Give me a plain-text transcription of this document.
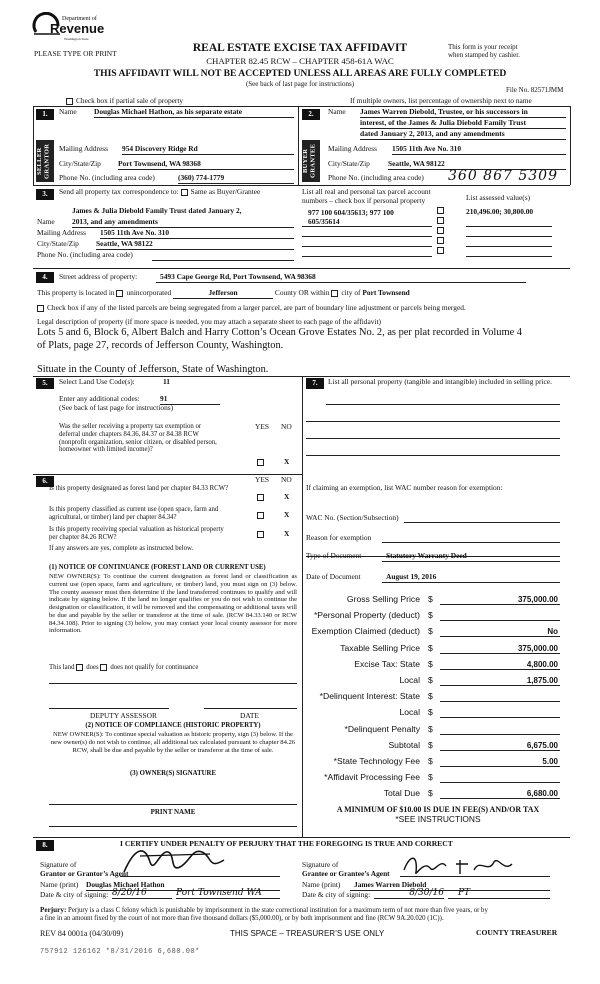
Department of
Revenue
Washington State
PLEASE TYPE OR PRINT	REAL ESTATE EXCISE TAX AFFIDAVIT
CHAPTER 82.45 RCW – CHAPTER 458-61A WAC
This form is your receipt
when stamped by cashier.
THIS AFFIDAVIT WILL NOT BE ACCEPTED UNLESS ALL AREAS ARE FULLY COMPLETED
(See back of last page for instructions)
File No. 82571JMM
Check box if partial sale of property	If multiple owners, list percentage of ownership next to name
1.
SELLER GRANTOR
Name Douglas Michael Hathon, as his separate estate
Mailing Address 954 Discovery Ridge Rd
City/State/Zip Port Townsend, WA 98368
Phone No. (including area code)	(360) 774-1779
2.
BUYER GRANTEE
Name James Warren Diebold, Trustee, or his successors in
interest, of the James & Julia Diebold Family Trust
dated January 2, 2013, and any amendments
Mailing Address 1505 11th Ave No. 310
City/State/Zip Seattle, WA 98122
Phone No. (including area code) 360 867 5309
3.	Send all property tax correspondence to: Same as Buyer/Grantee
James & Julia Diebold Family Trust dated January 2,
Name 2013, and any amendments
Mailing Address 1505 11th Ave No. 310
City/State/Zip Seattle, WA 98122
Phone No. (including area code)
List all real and personal tax parcel account
numbers – check box if personal property	List assessed value(s)
977 100 604/35613; 977 100
605/35614
210,496.00; 30,800.00
4.	Street address of property:	5493 Cape George Rd, Port Townsend, WA 98368
This property is located in unincorporated	Jefferson	County OR within city of Port Townsend
Check box if any of the listed parcels are being segregated from a larger parcel, are part of boundary line adjustment or parcels being merged.
Legal description of property (if more space is needed, you may attach a separate sheet to each page of the affidavit)
Lots 5 and 6, Block 6, Albert Balch and Harry Cotton’s Ocean Grove Estates No. 2, as per plat recorded in Volume 4
of Plats, page 27, records of Jefferson County, Washington.
Situate in the County of Jefferson, State of Washington.
5.	Select Land Use Code(s):	11
Enter any additional codes:	91
(See back of last page for instructions)
YES NO
Was the seller receiving a property tax exemption or deferral under chapters 84.36, 84.37 or 84.38 RCW (nonprofit organization, senior citizen, or disabled person, homeowner with limited income)?
X
6.	YES NO
Is this property designated as forest land per chapter 84.33 RCW?
X
Is this property classified as current use (open space, farm and agricultural, or timber) land per chapter 84.34?	X
Is this property receiving special valuation as historical property per chapter 84.26 RCW?	X
If any answers are yes, complete as instructed below.
(1) NOTICE OF CONTINUANCE (FOREST LAND OR CURRENT USE)
NEW OWNER(S): To continue the current designation as forest land or classification as current use (open space, farm and agriculture, or timber) land, you must sign on (3) below. The county assessor must then determine if the land transferred continues to qualify and will indicate by signing below. If the land no longer qualifies or you do not wish to continue the designation or classification, it will be removed and the compensating or additional taxes will be due and payable by the seller or transferor at the time of sale. (RCW 84.33.140 or RCW 84.34.108). Prior to signing (3) below, you may contact your local county assessor for more information.
This land does does not qualify for continuance
DEPUTY ASSESSOR	DATE
(2) NOTICE OF COMPLIANCE (HISTORIC PROPERTY)
NEW OWNER(S): To continue special valuation as historic property, sign (3) below. If the new owner(s) do not wish to continue, all additional tax calculated pursuant to chapter 84.26 RCW, shall be due and payable by the seller or transferor at the time of sale.
(3) OWNER(S) SIGNATURE
PRINT NAME
7.	List all personal property (tangible and intangible) included in selling price.
If claiming an exemption, list WAC number reason for exemption:
WAC No. (Section/Subsection)
Reason for exemption
Type of Document	Statutory Warranty Deed
Date of Document	August 19, 2016
Gross Selling Price $	375,000.00
*Personal Property (deduct) $
Exemption Claimed (deduct) $	No
Taxable Selling Price $	375,000.00
Excise Tax: State $	4,800.00
Local $	1,875.00
*Delinquent Interest: State $
Local $
*Delinquent Penalty $
Subtotal $	6,675.00
*State Technology Fee $	5.00
*Affidavit Processing Fee $
Total Due $	6,680.00
A MINIMUM OF $10.00 IS DUE IN FEE(S) AND/OR TAX
*SEE INSTRUCTIONS
8.	I CERTIFY UNDER PENALTY OF PERJURY THAT THE FOREGOING IS TRUE AND CORRECT
Signature of
Grantor or Grantor’s Agent
Name (print) Douglas Michael Hathon
Date & city of signing: 8/20/16	Port Townsend WA
Signature of
Grantee or Grantee’s Agent
Name (print)	James Warren Diebold
Date & city of signing:	8/30/16	PT
Perjury: Perjury is a class C felony which is punishable by imprisonment in the state correctional institution for a maximum term of not more than five years, or by
a fine in an amount fixed by the court of not more than five thousand dollars ($5,000.00), or by both imprisonment and fine (RCW 9A.20.020 (1C)).
REV 84 0001a (04/30/09)	THIS SPACE – TREASURER’S USE ONLY	COUNTY TREASURER
757912 126162 *8/31/2016 6,680.00*
